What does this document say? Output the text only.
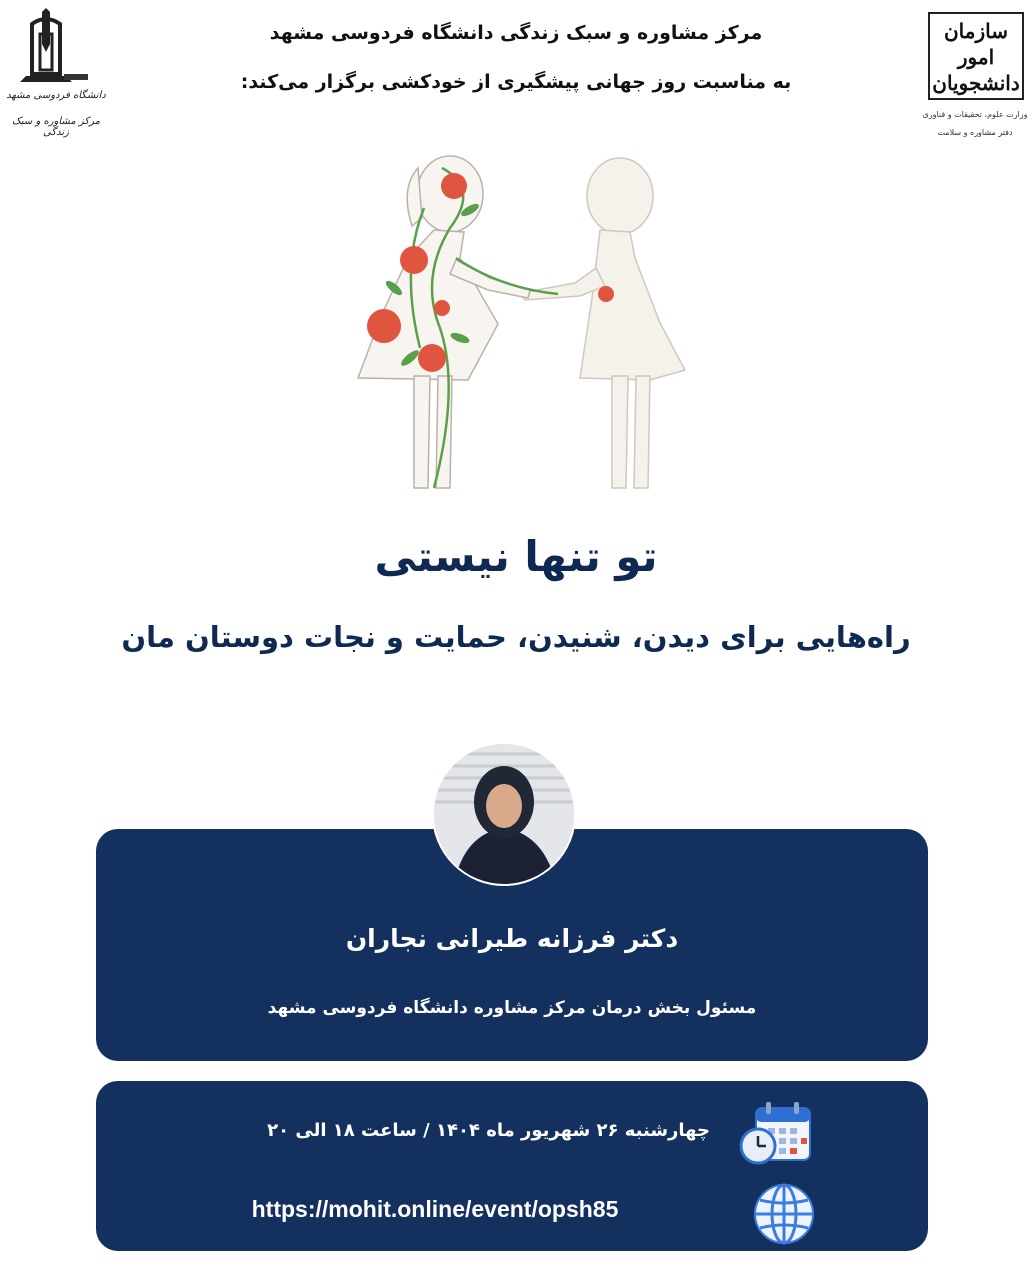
دانشگاه فردوسی مشهد
مرکز مشاوره و سبک زندگی
مرکز مشاوره و سبک زندگی دانشگاه فردوسی مشهد
به مناسبت روز جهانی پیشگیری از خودکشی برگزار می‌کند:
سازمان امور دانشجویان
وزارت علوم، تحقیقات و فناوری
دفتر مشاوره و سلامت
تو تنها نیستی
راه‌هایی برای دیدن، شنیدن، حمایت و نجات دوستان مان
دکتر فرزانه طیرانی نجاران
مسئول بخش درمان مرکز مشاوره دانشگاه فردوسی مشهد
چهارشنبه ۲۶ شهریور ماه ۱۴۰۴ / ساعت ۱۸ الی ۲۰
https://mohit.online/event/opsh85
